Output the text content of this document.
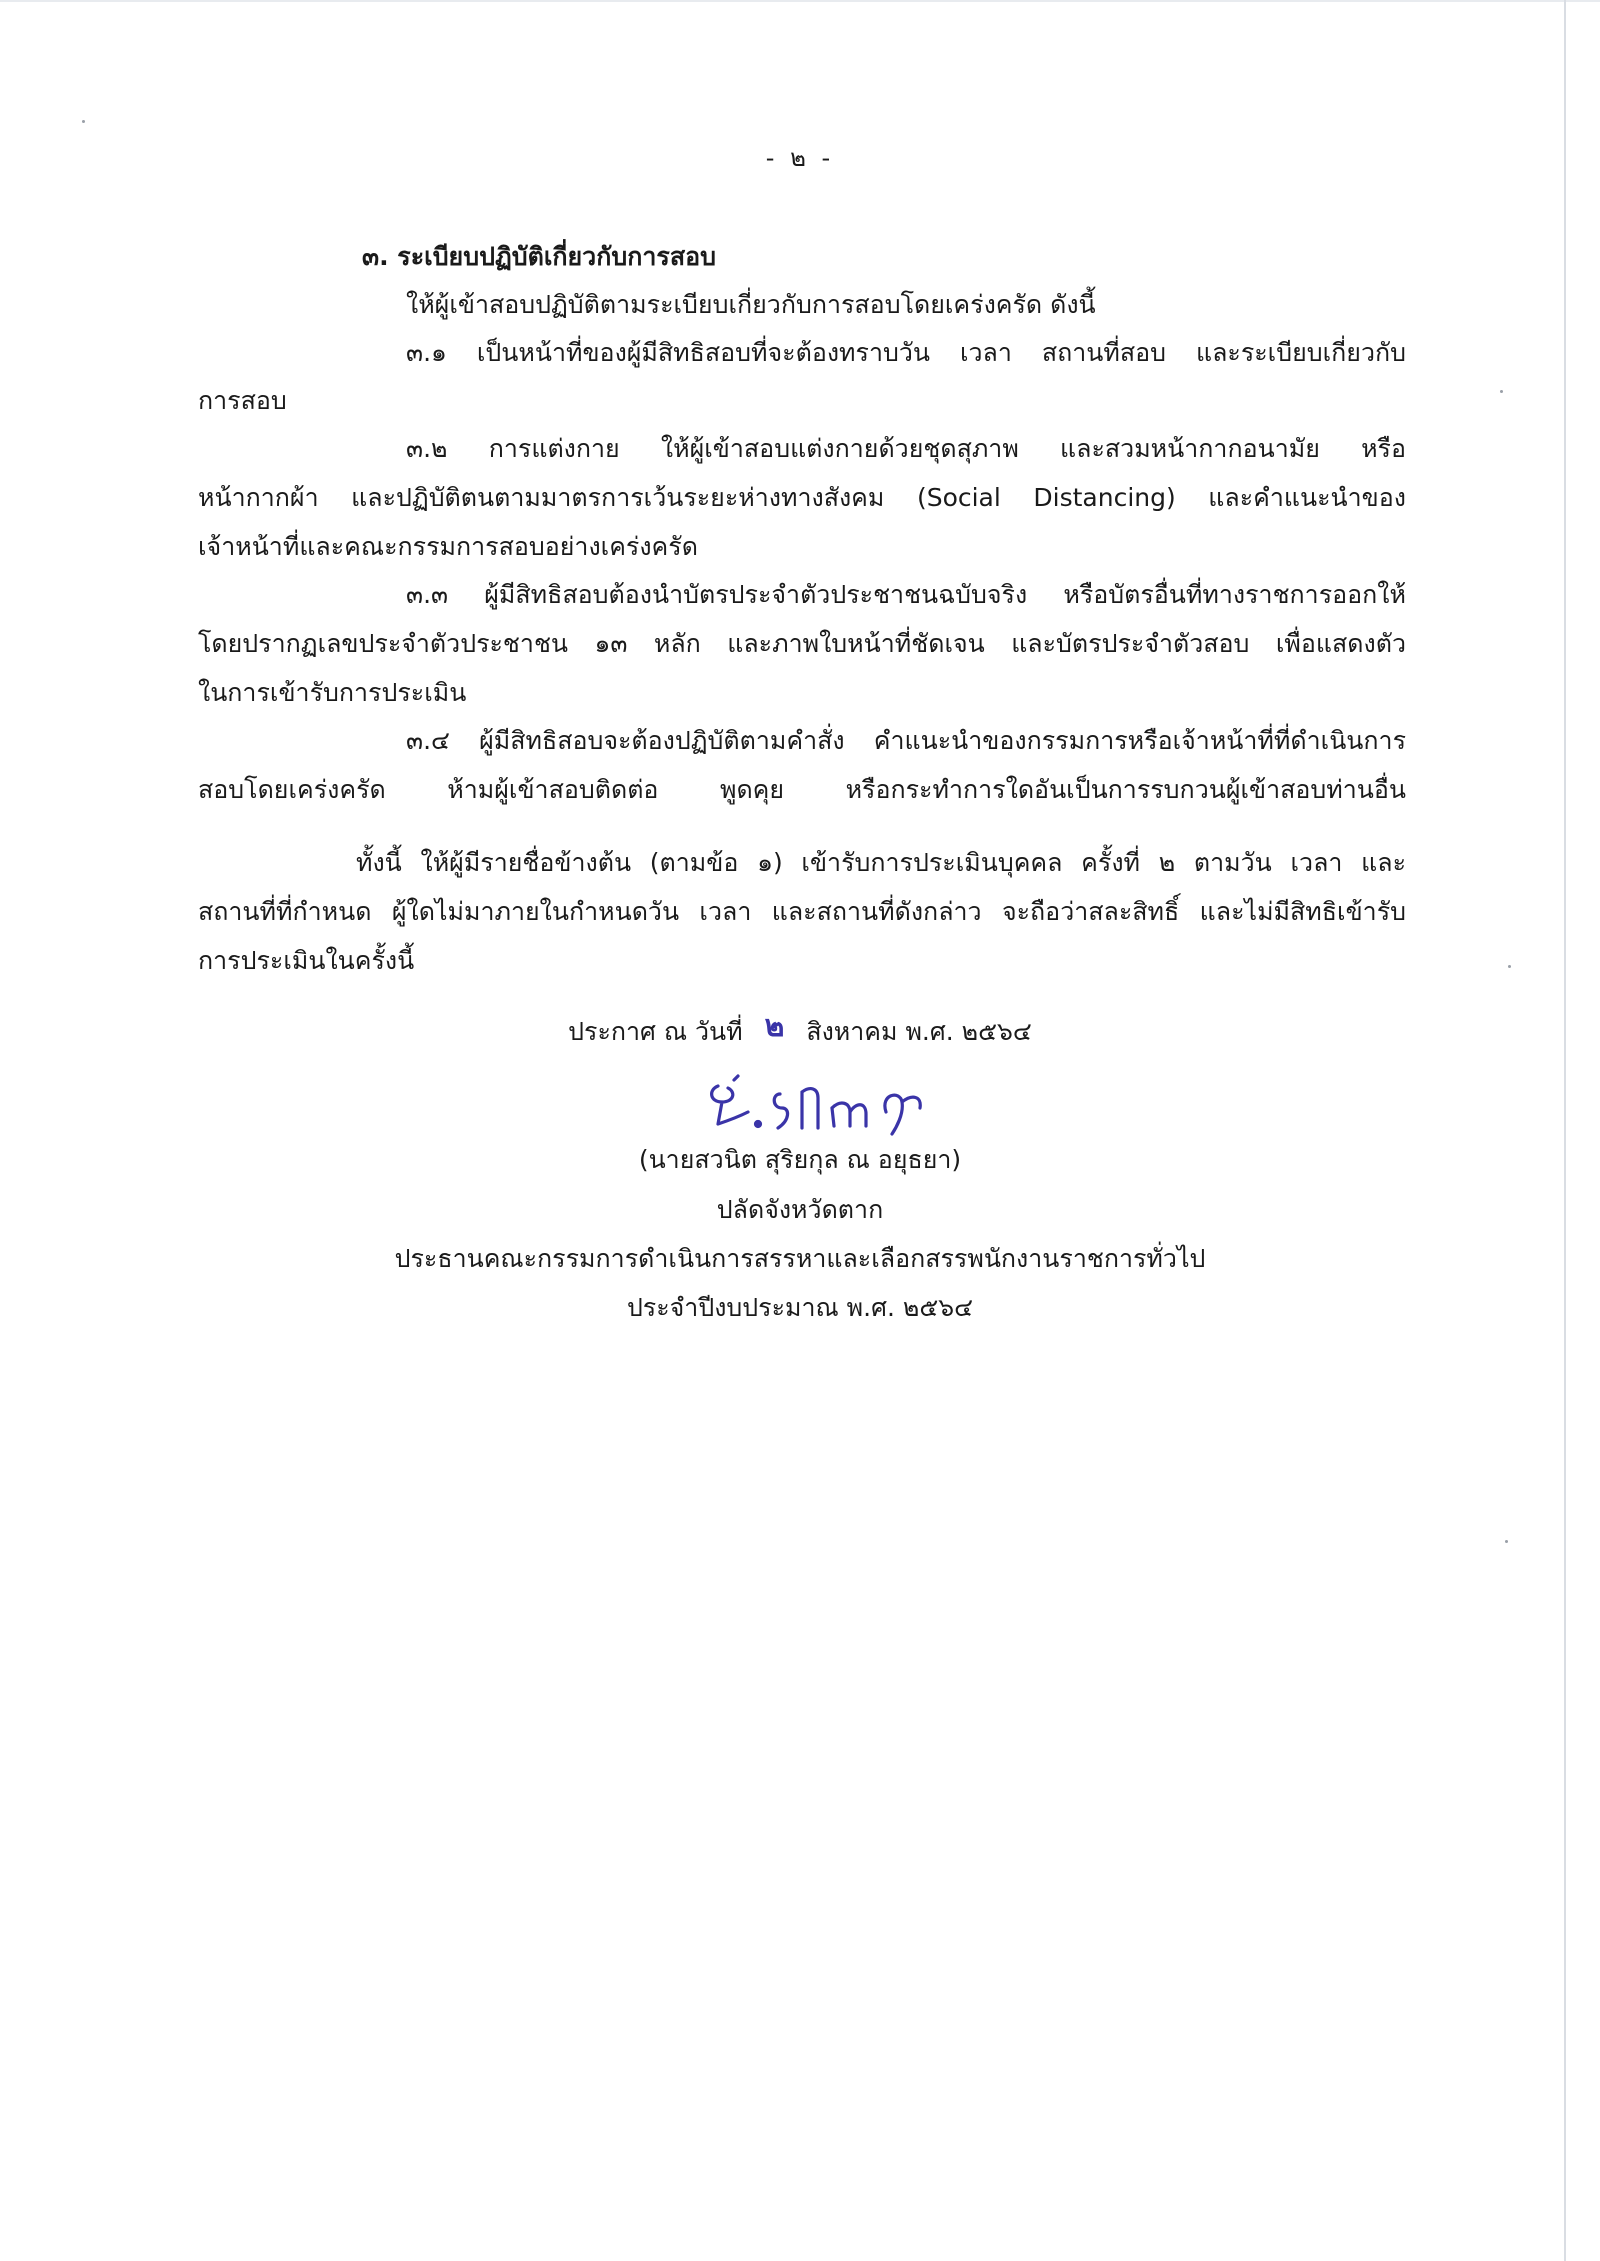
- ๒ -
๓. ระเบียบปฏิบัติเกี่ยวกับการสอบ
ให้ผู้เข้าสอบปฏิบัติตามระเบียบเกี่ยวกับการสอบโดยเคร่งครัด ดังนี้
๓.๑ เป็นหน้าที่ของผู้มีสิทธิสอบที่จะต้องทราบวัน เวลา สถานที่สอบ และระเบียบเกี่ยวกับ
การสอบ
๓.๒ การแต่งกาย ให้ผู้เข้าสอบแต่งกายด้วยชุดสุภาพ และสวมหน้ากากอนามัย หรือ
หน้ากากผ้า และปฏิบัติตนตามมาตรการเว้นระยะห่างทางสังคม (Social Distancing) และคำแนะนำของ
เจ้าหน้าที่และคณะกรรมการสอบอย่างเคร่งครัด
๓.๓ ผู้มีสิทธิสอบต้องนำบัตรประจำตัวประชาชนฉบับจริง หรือบัตรอื่นที่ทางราชการออกให้
โดยปรากฏเลขประจำตัวประชาชน ๑๓ หลัก และภาพใบหน้าที่ชัดเจน และบัตรประจำตัวสอบ เพื่อแสดงตัว
ในการเข้ารับการประเมิน
๓.๔ ผู้มีสิทธิสอบจะต้องปฏิบัติตามคำสั่ง คำแนะนำของกรรมการหรือเจ้าหน้าที่ที่ดำเนินการ
สอบโดยเคร่งครัด ห้ามผู้เข้าสอบติดต่อ พูดคุย หรือกระทำการใดอันเป็นการรบกวนผู้เข้าสอบท่านอื่น
ทั้งนี้ ให้ผู้มีรายชื่อข้างต้น (ตามข้อ ๑) เข้ารับการประเมินบุคคล ครั้งที่ ๒ ตามวัน เวลา และ
สถานที่ที่กำหนด ผู้ใดไม่มาภายในกำหนดวัน เวลา และสถานที่ดังกล่าว จะถือว่าสละสิทธิ์ และไม่มีสิทธิเข้ารับ
การประเมินในครั้งนี้
ประกาศ ณ วันที่ ๒ สิงหาคม พ.ศ. ๒๕๖๔
(นายสวนิต สุริยกุล ณ อยุธยา)
ปลัดจังหวัดตาก
ประธานคณะกรรมการดำเนินการสรรหาและเลือกสรรพนักงานราชการทั่วไป
ประจำปีงบประมาณ พ.ศ. ๒๕๖๔
